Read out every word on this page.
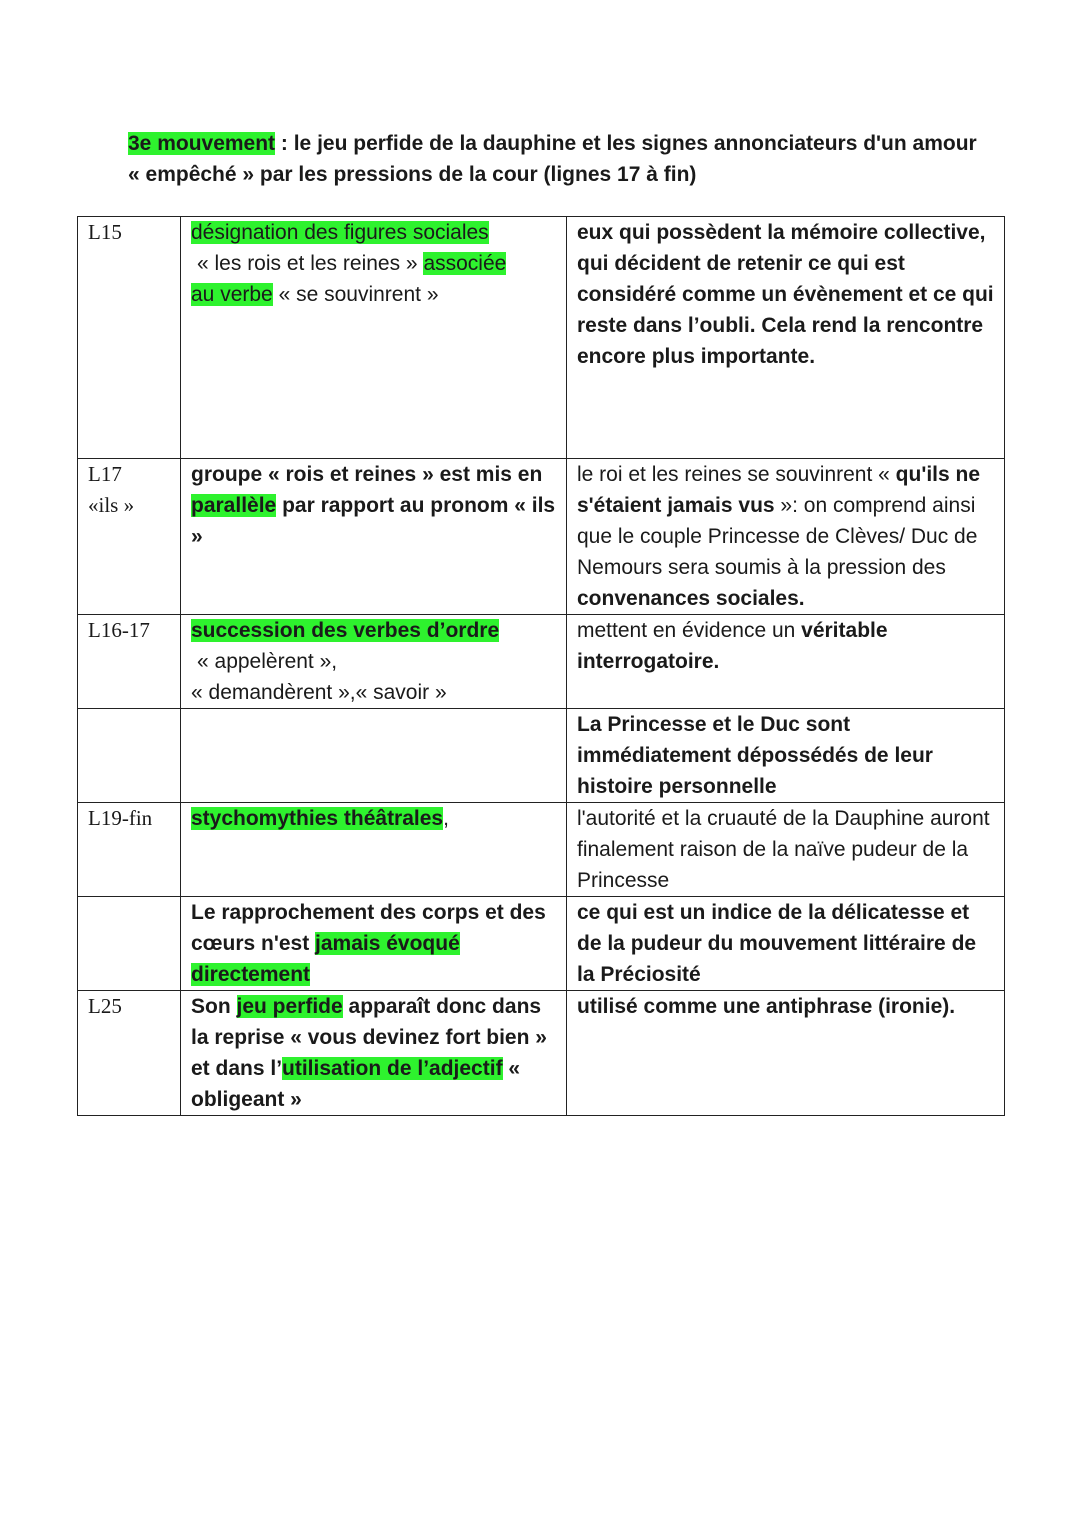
3e mouvement : le jeu perfide de la dauphine et les signes annonciateurs d'un amour « empêché » par les pressions de la cour (lignes 17 à fin)
L15	désignation des figures sociales
« les rois et les reines » associée
au verbe « se souvinrent »	eux qui possèdent la mémoire collective, qui décident de retenir ce qui est considéré comme un évènement et ce qui reste dans l’oubli. Cela rend la rencontre encore plus importante.

L17
«ils »	groupe « rois et reines » est mis en parallèle par rapport au pronom « ils »	le roi et les reines se souvinrent « qu'ils ne s'étaient jamais vus »: on comprend ainsi que le couple Princesse de Clèves/ Duc de Nemours sera soumis à la pression des convenances sociales.
L16-17	succession des verbes d’ordre
« appelèrent »,
« demandèrent »,« savoir »	mettent en évidence un véritable interrogatoire.
		La Princesse et le Duc sont immédiatement dépossédés de leur histoire personnelle
L19-fin	stychomythies théâtrales,	l'autorité et la cruauté de la Dauphine auront finalement raison de la naïve pudeur de la Princesse
	Le rapprochement des corps et des cœurs n'est jamais évoqué directement	ce qui est un indice de la délicatesse et de la pudeur du mouvement littéraire de la Préciosité
L25	Son jeu perfide apparaît donc dans la reprise « vous devinez fort bien » et dans l’utilisation de l’adjectif « obligeant »	utilisé comme une antiphrase (ironie).
